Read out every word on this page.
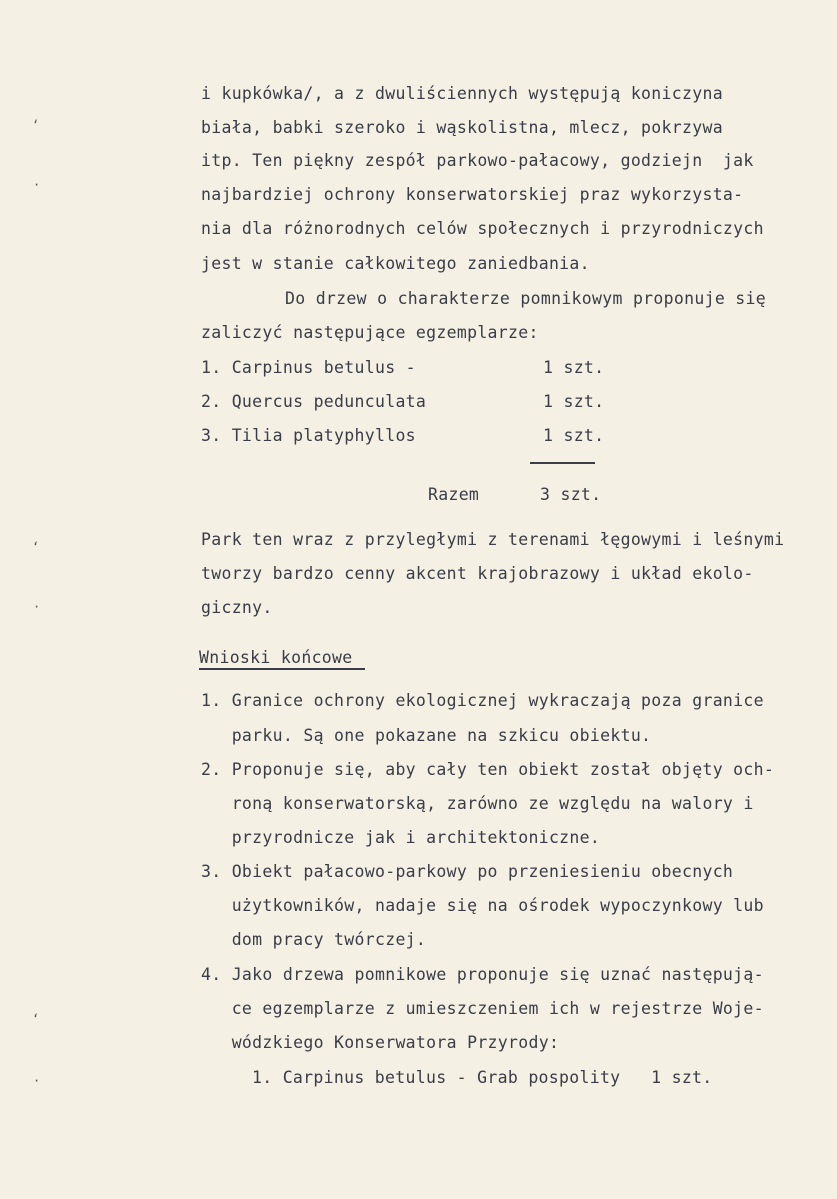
i kupkówka/, a z dwuliściennych występują koniczyna
biała, babki szeroko i wąskolistna, mlecz, pokrzywa
itp. Ten piękny zespół parkowo-pałacowy, godziejn  jak
najbardziej ochrony konserwatorskiej praz wykorzysta-
nia dla różnorodnych celów społecznych i przyrodniczych
jest w stanie całkowitego zaniedbania.
Do drzew o charakterze pomnikowym proponuje się
zaliczyć następujące egzemplarze:
1. Carpinus betulus -	1 szt.
2. Quercus pedunculata	1 szt.
3. Tilia platyphyllos	1 szt.
Razem	3 szt.
Park ten wraz z przyległymi z terenami łęgowymi i leśnymi
tworzy bardzo cenny akcent krajobrazowy i układ ekolo-
giczny.
Wnioski końcowe
1. Granice ochrony ekologicznej wykraczają poza granice
parku. Są one pokazane na szkicu obiektu.
2. Proponuje się, aby cały ten obiekt został objęty och-
roną konserwatorską, zarówno ze względu na walory i
przyrodnicze jak i architektoniczne.
3. Obiekt pałacowo-parkowy po przeniesieniu obecnych
użytkowników, nadaje się na ośrodek wypoczynkowy lub
dom pracy twórczej.
4. Jako drzewa pomnikowe proponuje się uznać następują-
ce egzemplarze z umieszczeniem ich w rejestrze Woje-
wódzkiego Konserwatora Przyrody:
1. Carpinus betulus - Grab pospolity   1 szt.
‘
·
‘
·
‘
·
